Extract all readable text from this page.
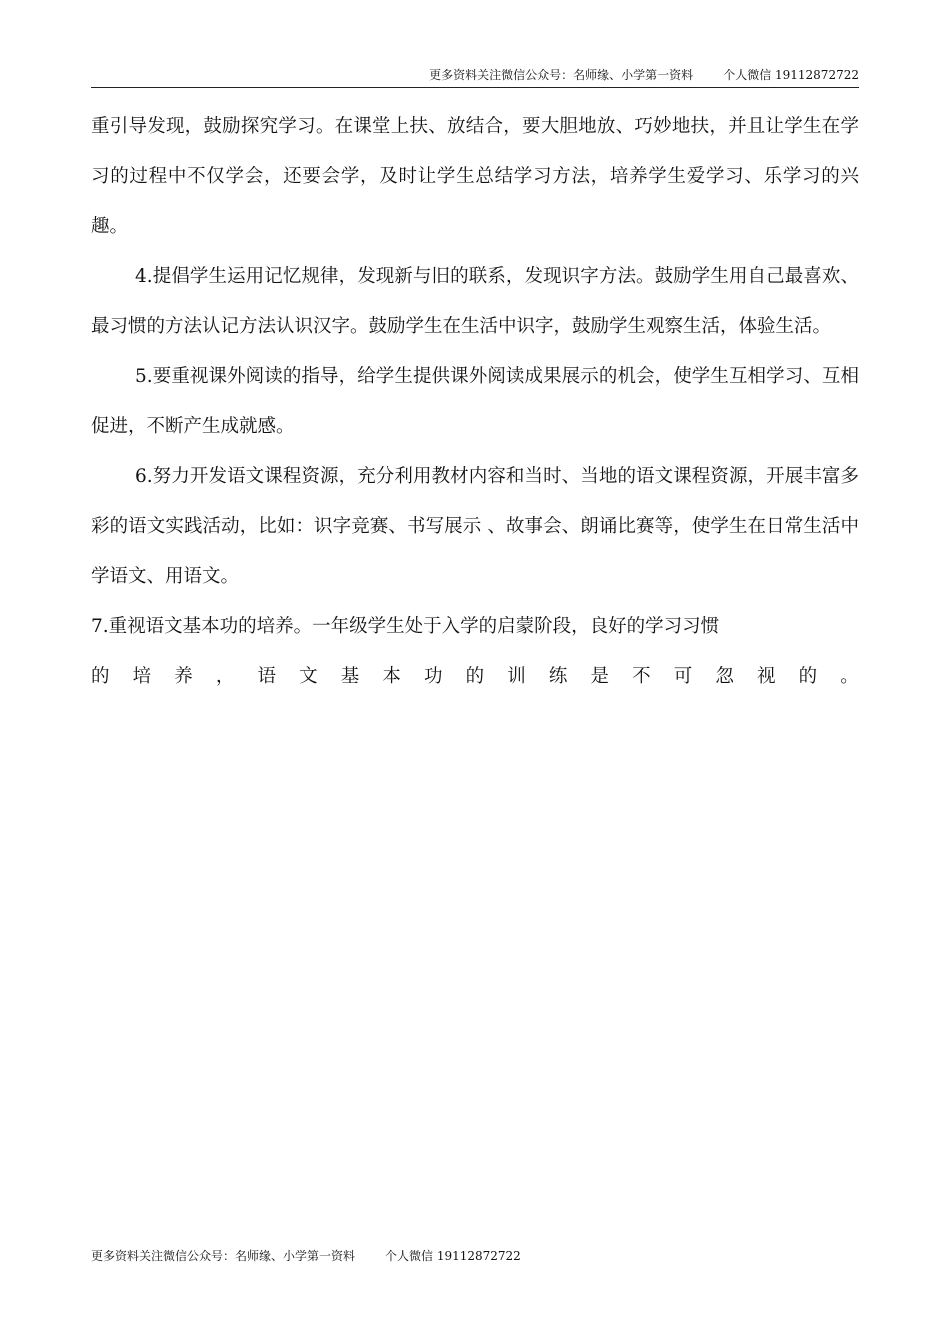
更多资料关注微信公众号：名师缘、小学第一资料	个人微信 19112872722

重引导发现，鼓励探究学习。在课堂上扶、放结合，要大胆地放、巧妙地扶，并且让学生在学习的过程中不仅学会，还要会学，及时让学生总结学习方法，培养学生爱学习、乐学习的兴趣。

4.提倡学生运用记忆规律，发现新与旧的联系，发现识字方法。鼓励学生用自己最喜欢、最习惯的方法认记方法认识汉字。鼓励学生在生活中识字，鼓励学生观察生活，体验生活。

5.要重视课外阅读的指导，给学生提供课外阅读成果展示的机会，使学生互相学习、互相促进，不断产生成就感。

6.努力开发语文课程资源，充分利用教材内容和当时、当地的语文课程资源，开展丰富多彩的语文实践活动，比如：识字竞赛、书写展示 、故事会、朗诵比赛等，使学生在日常生活中学语文、用语文。

7.重视语文基本功的培养。一年级学生处于入学的启蒙阶段，良好的学习习惯

的 培 养 ， 语 文 基 本 功 的 训 练 是 不 可 忽 视 的 。

更多资料关注微信公众号：名师缘、小学第一资料	个人微信 19112872722
